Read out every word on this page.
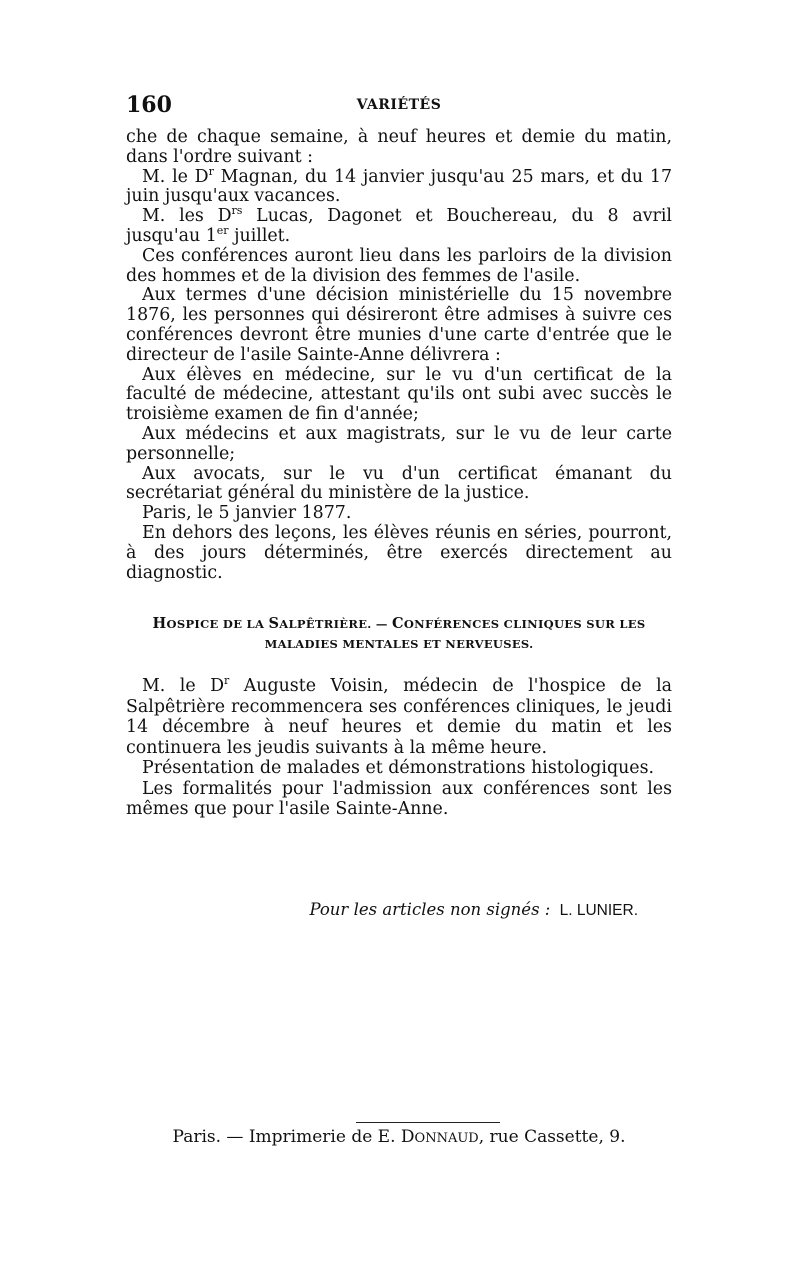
160	VARIÉTÉS

che de chaque semaine, à neuf heures et demie du matin, dans l'ordre suivant :

M. le $D^r$ Magnan, du 14 janvier jusqu'au 25 mars, et du 17 juin jusqu'aux vacances.

M. les $D^{rs}$ Lucas, Dagonet et Bouchereau, du 8 avril jusqu'au 1er juillet.

Ces conférences auront lieu dans les parloirs de la division des hommes et de la division des femmes de l'asile.

Aux termes d'une décision ministérielle du 15 novembre 1876, les personnes qui désireront être admises à suivre ces conférences devront être munies d'une carte d'entrée que le directeur de l'asile Sainte-Anne délivrera :

Aux élèves en médecine, sur le vu d'un certificat de la faculté de médecine, attestant qu'ils ont subi avec succès le troisième examen de fin d'année;

Aux médecins et aux magistrats, sur le vu de leur carte personnelle;

Aux avocats, sur le vu d'un certificat émanant du secrétariat général du ministère de la justice.

Paris, le 5 janvier 1877.

En dehors des leçons, les élèves réunis en séries, pourront, à des jours déterminés, être exercés directement au diagnostic.

HOSPICE DE LA SALPÊTRIÈRE. — CONFÉRENCES CLINIQUES SUR LES MALADIES MENTALES ET NERVEUSES.

M. le $D^r$ Auguste Voisin, médecin de l'hospice de la Salpêtrière recommencera ses conférences cliniques, le jeudi 14 décembre à neuf heures et demie du matin et les continuera les jeudis suivants à la même heure.

Présentation de malades et démonstrations histologiques.

Les formalités pour l'admission aux conférences sont les mêmes que pour l'asile Sainte-Anne.

Pour les articles non signés : L. LUNIER.
Paris. — Imprimerie de E. DONNAUD, rue Cassette, 9.
